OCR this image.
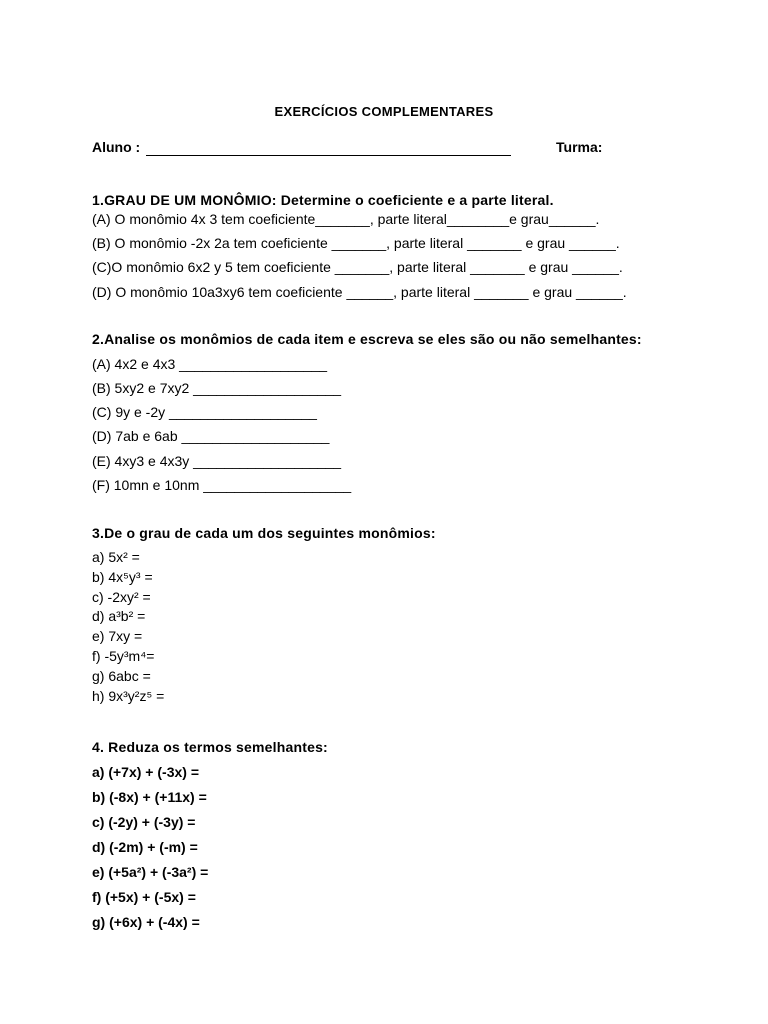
EXERCÍCIOS COMPLEMENTARES
Aluno :	Turma:
1.GRAU DE UM MONÔMIO: Determine o coeficiente e a parte literal.
(A) O monômio 4x 3 tem coeficiente_______, parte literal________e grau______.
(B) O monômio -2x 2a tem coeficiente _______, parte literal _______ e grau ______.
(C)O monômio 6x2 y 5 tem coeficiente _______, parte literal _______ e grau ______.
(D) O monômio 10a3xy6 tem coeficiente ______, parte literal _______ e grau ______.
2.Analise os monômios de cada item e escreva se eles são ou não semelhantes:
(A) 4x2 e 4x3 ___________________
(B) 5xy2 e 7xy2 ___________________
(C) 9y e -2y ___________________
(D) 7ab e 6ab ___________________
(E) 4xy3 e 4x3y ___________________
(F) 10mn e 10nm ___________________
3.De o grau de cada um dos seguintes monômios:
a) 5x² =
b) 4x⁵y³ =
c) -2xy² =
d) a³b² =
e) 7xy =
f) -5y³m⁴=
g) 6abc =
h) 9x³y²z⁵ =
4. Reduza os termos semelhantes:
a) (+7x) + (-3x) =
b) (-8x) + (+11x) =
c) (-2y) + (-3y) =
d) (-2m) + (-m) =
e) (+5a²) + (-3a²) =
f) (+5x) + (-5x) =
g) (+6x) + (-4x) =
